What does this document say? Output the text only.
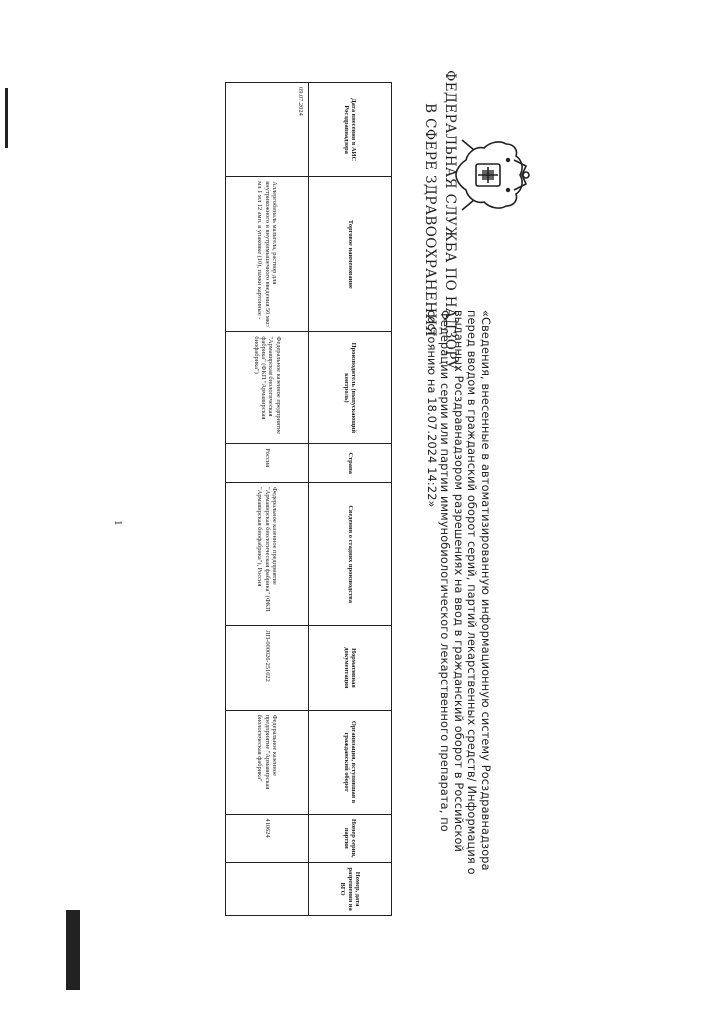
ФЕДЕРАЛЬНАЯ СЛУЖБА ПО НАДЗОРУ
В СФЕРЕ ЗДРАВООХРАНЕНИЯ
«Сведения, внесенные в автоматизированную информационную систему Росздравнадзора перед вводом в гражданский оборот серий, партий лекарственных средств/ Информация о выданных Росздравнадзором разрешениях на ввод в гражданский оборот в Российской Федерации серии или партии иммунобиологического лекарственного препарата, по состоянию на 18.07.2024 14:22»
Дата внесения в АИС Росздравнадзора	Торговое наименование	Производитель (выпускающий контроль)	Страна	Сведения о стадиях производства	Нормативная документация	Организация, вступившая в гражданский оборот	Номер серии, партии	Номер, дата разрешения на ВГО
09.07.2024	Аллергобиналь мальтела, раствор для внутрикожного и внутримышечного введения 50 мкг/мл 1 мл 12 амп. в упаковке (10), пачки картонные -	Федеральное казенное предприятие "Армавирская биологическая фабрика" (ФКП "Армавирская биофабрика")	Россия	Федеральное казенное предприятие "Армавирская биологическая фабрика" (ФКП "Армавирская биофабрика"), Россия	ЛП-000026-251022	Федеральное казенное предприятие "Армавирская биологическая фабрика"	410624	
1
